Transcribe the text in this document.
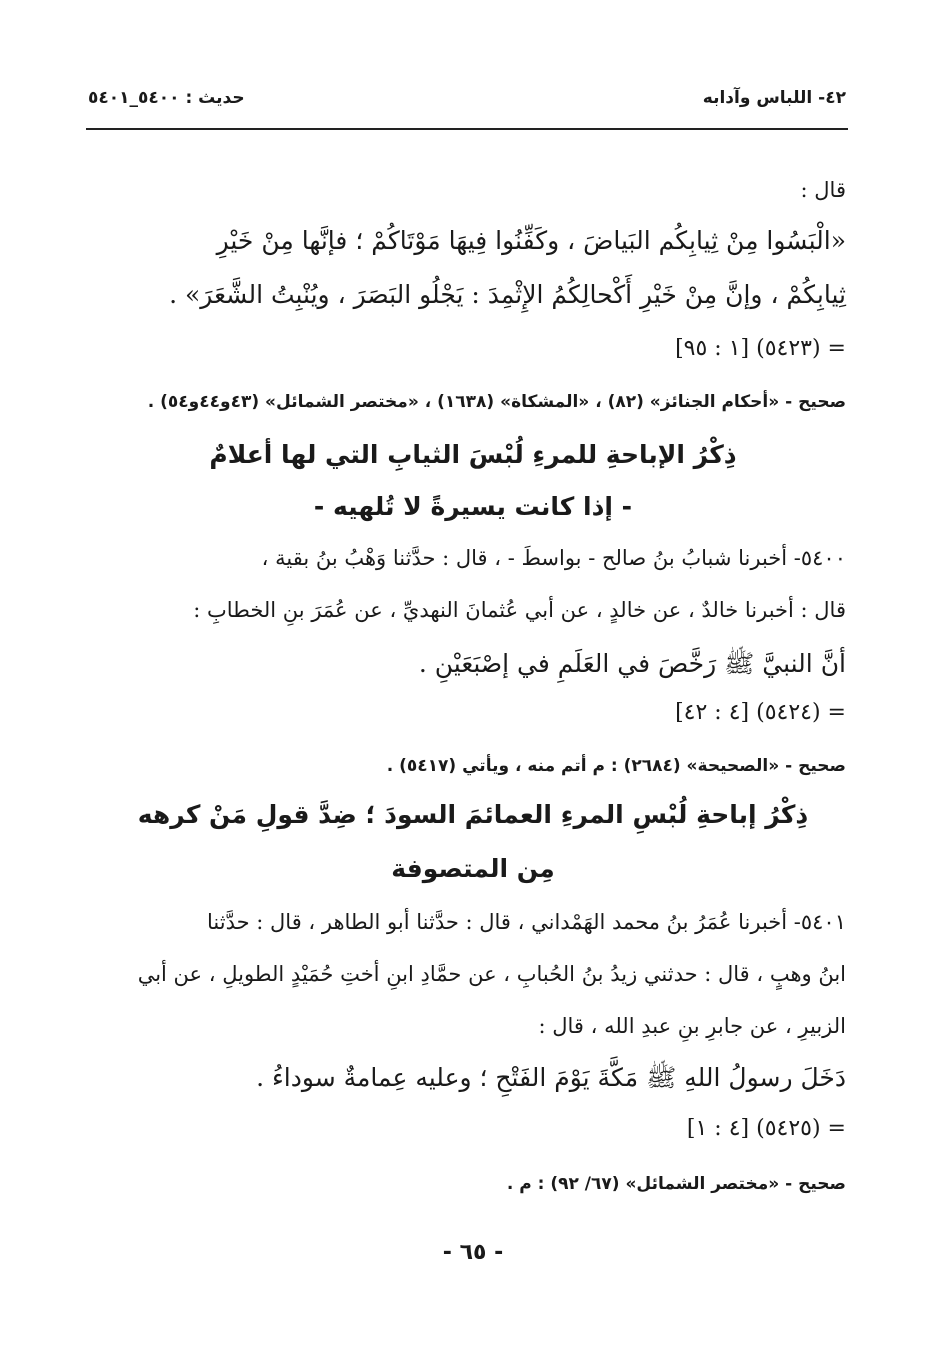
٤٢- اللباس وآدابه
حديث : ٥٤٠٠_٥٤٠١
قال :
«الْبَسُوا مِنْ ثِيابِكُم البَياضَ ، وكَفِّنُوا فِيهَا مَوْتَاكُمْ ؛ فإنَّها مِنْ خَيْرِ
ثِيابِكُمْ ، وإنَّ مِنْ خَيْرِ أَكْحالِكُمُ الإِثْمِدَ : يَجْلُو البَصَرَ ، ويُنْبِتُ الشَّعَرَ» .
= (٥٤٢٣) [١ : ٩٥]
صحيح - «أحكام الجنائز» (٨٢) ، «المشكاة» (١٦٣٨) ، «مختصر الشمائل» (٤٣و٤٤و٥٤) .
ذِكْرُ الإباحةِ للمرءِ لُبْسَ الثيابِ التي لها أعلامٌ
- إذا كانت يسيرةً لا تُلهيه -
٥٤٠٠- أخبرنا شبابُ بنُ صالح - بواسطَ - ، قال : حدَّثنا وَهْبُ بنُ بقية ،
قال : أخبرنا خالدٌ ، عن خالدٍ ، عن أبي عُثمانَ النهديِّ ، عن عُمَرَ بنِ الخطابِ :
أنَّ النبيَّ ﷺ رَخَّصَ في العَلَمِ في إصْبَعَيْنِ .
= (٥٤٢٤) [٤ : ٤٢]
صحيح - «الصحيحة» (٢٦٨٤) : م أتم منه ، ويأتي (٥٤١٧) .
ذِكْرُ إباحةِ لُبْسِ المرءِ العمائمَ السودَ ؛ ضِدَّ قولِ مَنْ كرهه
مِن المتصوفة
٥٤٠١- أخبرنا عُمَرُ بنُ محمد الهَمْداني ، قال : حدَّثنا أبو الطاهر ، قال : حدَّثنا
ابنُ وهبٍ ، قال : حدثني زيدُ بنُ الحُبابِ ، عن حمَّادِ ابنِ أختِ حُمَيْدٍ الطويلِ ، عن أبي
الزبيرِ ، عن جابرِ بنِ عبدِ الله ، قال :
دَخَلَ رسولُ اللهِ ﷺ مَكَّةَ يَوْمَ الفَتْحِ ؛ وعليه عِمامةٌ سوداءُ .
= (٥٤٢٥) [٤ : ١]
صحيح - «مختصر الشمائل» (٦٧/ ٩٢) : م .
- ٦٥ -
